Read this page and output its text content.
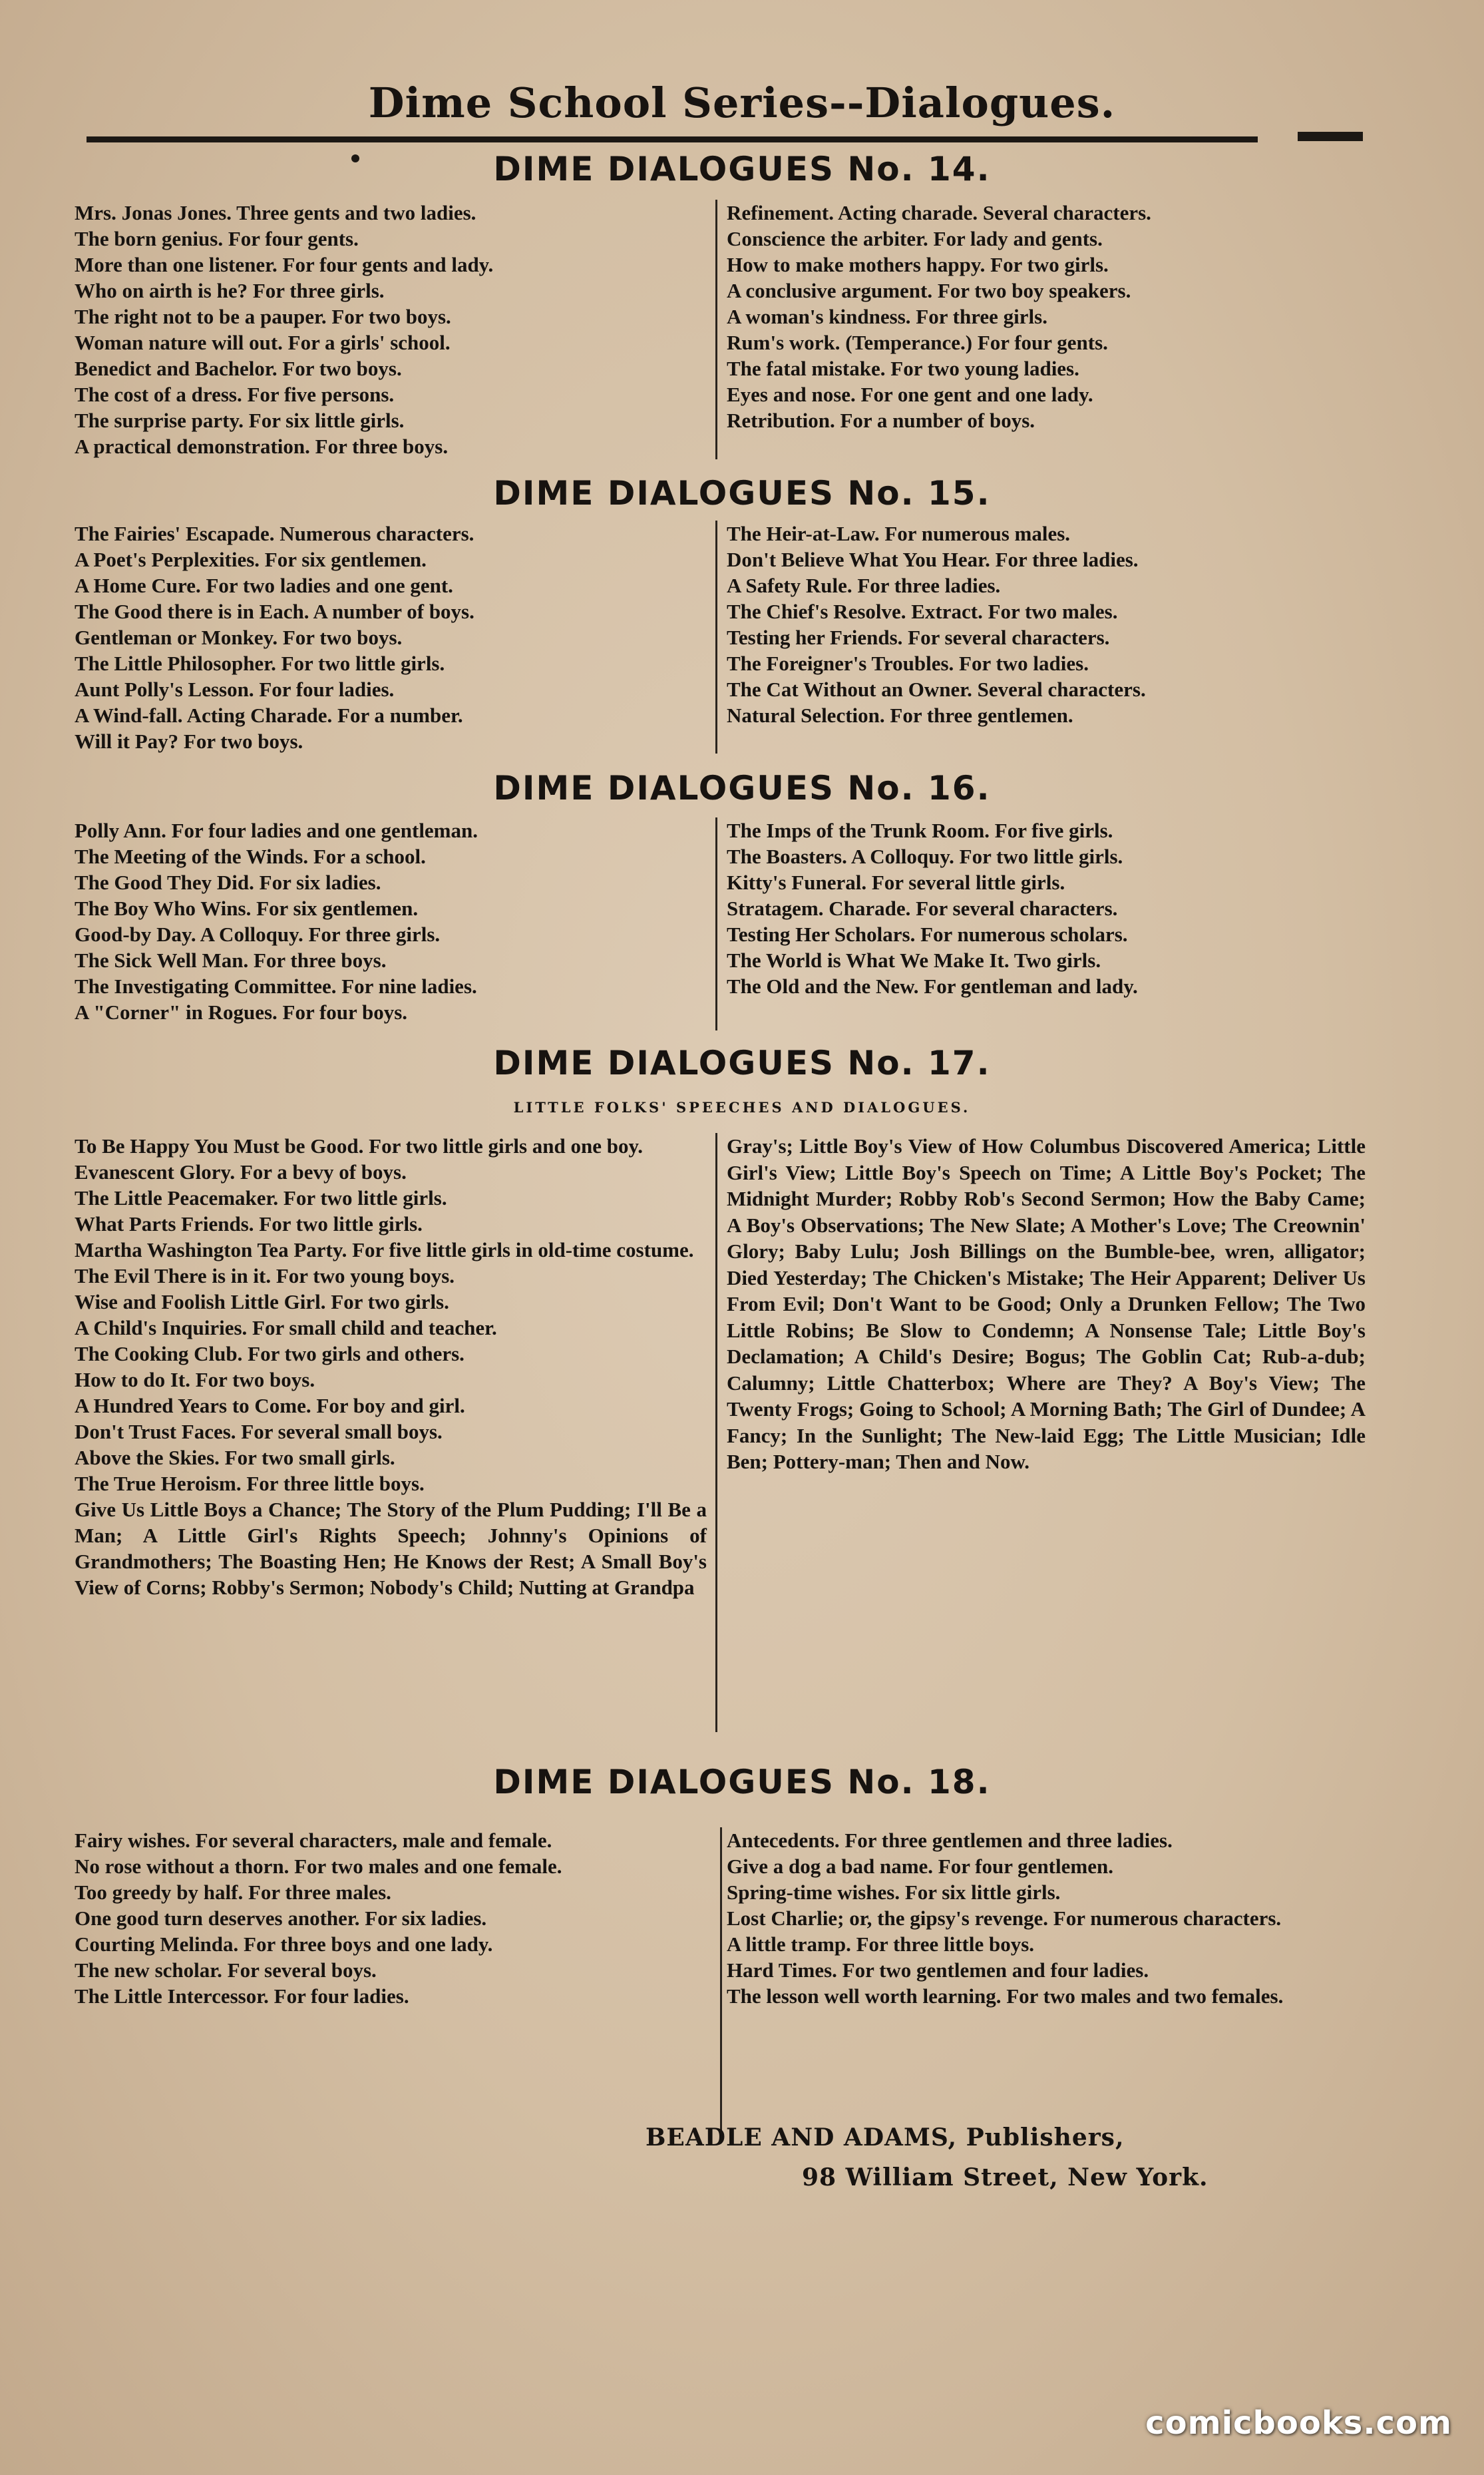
Dime School Series--Dialogues.
DIME DIALOGUES No. 14.
Mrs. Jonas Jones. Three gents and two ladies.
The born genius. For four gents.
More than one listener. For four gents and lady.
Who on airth is he? For three girls.
The right not to be a pauper. For two boys.
Woman nature will out. For a girls' school.
Benedict and Bachelor. For two boys.
The cost of a dress. For five persons.
The surprise party. For six little girls.
A practical demonstration. For three boys.
Refinement. Acting charade. Several characters.
Conscience the arbiter. For lady and gents.
How to make mothers happy. For two girls.
A conclusive argument. For two boy speakers.
A woman's kindness. For three girls.
Rum's work. (Temperance.) For four gents.
The fatal mistake. For two young ladies.
Eyes and nose. For one gent and one lady.
Retribution. For a number of boys.
DIME DIALOGUES No. 15.
The Fairies' Escapade. Numerous characters.
A Poet's Perplexities. For six gentlemen.
A Home Cure. For two ladies and one gent.
The Good there is in Each. A number of boys.
Gentleman or Monkey. For two boys.
The Little Philosopher. For two little girls.
Aunt Polly's Lesson. For four ladies.
A Wind-fall. Acting Charade. For a number.
Will it Pay? For two boys.
The Heir-at-Law. For numerous males.
Don't Believe What You Hear. For three ladies.
A Safety Rule. For three ladies.
The Chief's Resolve. Extract. For two males.
Testing her Friends. For several characters.
The Foreigner's Troubles. For two ladies.
The Cat Without an Owner. Several characters.
Natural Selection. For three gentlemen.
DIME DIALOGUES No. 16.
Polly Ann. For four ladies and one gentleman.
The Meeting of the Winds. For a school.
The Good They Did. For six ladies.
The Boy Who Wins. For six gentlemen.
Good-by Day. A Colloquy. For three girls.
The Sick Well Man. For three boys.
The Investigating Committee. For nine ladies.
A "Corner" in Rogues. For four boys.
The Imps of the Trunk Room. For five girls.
The Boasters. A Colloquy. For two little girls.
Kitty's Funeral. For several little girls.
Stratagem. Charade. For several characters.
Testing Her Scholars. For numerous scholars.
The World is What We Make It. Two girls.
The Old and the New. For gentleman and lady.
DIME DIALOGUES No. 17.
LITTLE FOLKS' SPEECHES AND DIALOGUES.
To Be Happy You Must be Good. For two little girls and one boy.
Evanescent Glory. For a bevy of boys.
The Little Peacemaker. For two little girls.
What Parts Friends. For two little girls.
Martha Washington Tea Party. For five little girls in old-time costume.
The Evil There is in it. For two young boys.
Wise and Foolish Little Girl. For two girls.
A Child's Inquiries. For small child and teacher.
The Cooking Club. For two girls and others.
How to do It. For two boys.
A Hundred Years to Come. For boy and girl.
Don't Trust Faces. For several small boys.
Above the Skies. For two small girls.
The True Heroism. For three little boys.
Give Us Little Boys a Chance; The Story of the Plum Pudding; I'll Be a Man; A Little Girl's Rights Speech; Johnny's Opinions of Grandmothers; The Boasting Hen; He Knows der Rest; A Small Boy's View of Corns; Robby's Sermon; Nobody's Child; Nutting at Grandpa

Gray's; Little Boy's View of How Columbus Discovered America; Little Girl's View; Little Boy's Speech on Time; A Little Boy's Pocket; The Midnight Murder; Robby Rob's Second Sermon; How the Baby Came; A Boy's Observations; The New Slate; A Mother's Love; The Creownin' Glory; Baby Lulu; Josh Billings on the Bumble-bee, wren, alligator; Died Yesterday; The Chicken's Mistake; The Heir Apparent; Deliver Us From Evil; Don't Want to be Good; Only a Drunken Fellow; The Two Little Robins; Be Slow to Condemn; A Nonsense Tale; Little Boy's Declamation; A Child's Desire; Bogus; The Goblin Cat; Rub-a-dub; Calumny; Little Chatterbox; Where are They? A Boy's View; The Twenty Frogs; Going to School; A Morning Bath; The Girl of Dundee; A Fancy; In the Sunlight; The New-laid Egg; The Little Musician; Idle Ben; Pottery-man; Then and Now.

DIME DIALOGUES No. 18.
Fairy wishes. For several characters, male and female.
No rose without a thorn. For two males and one female.
Too greedy by half. For three males.
One good turn deserves another. For six ladies.
Courting Melinda. For three boys and one lady.
The new scholar. For several boys.
The Little Intercessor. For four ladies.
Antecedents. For three gentlemen and three ladies.
Give a dog a bad name. For four gentlemen.
Spring-time wishes. For six little girls.
Lost Charlie; or, the gipsy's revenge. For numerous characters.
A little tramp. For three little boys.
Hard Times. For two gentlemen and four ladies.
The lesson well worth learning. For two males and two females.
BEADLE AND ADAMS, Publishers,
98 William Street, New York.
comicbooks.com
